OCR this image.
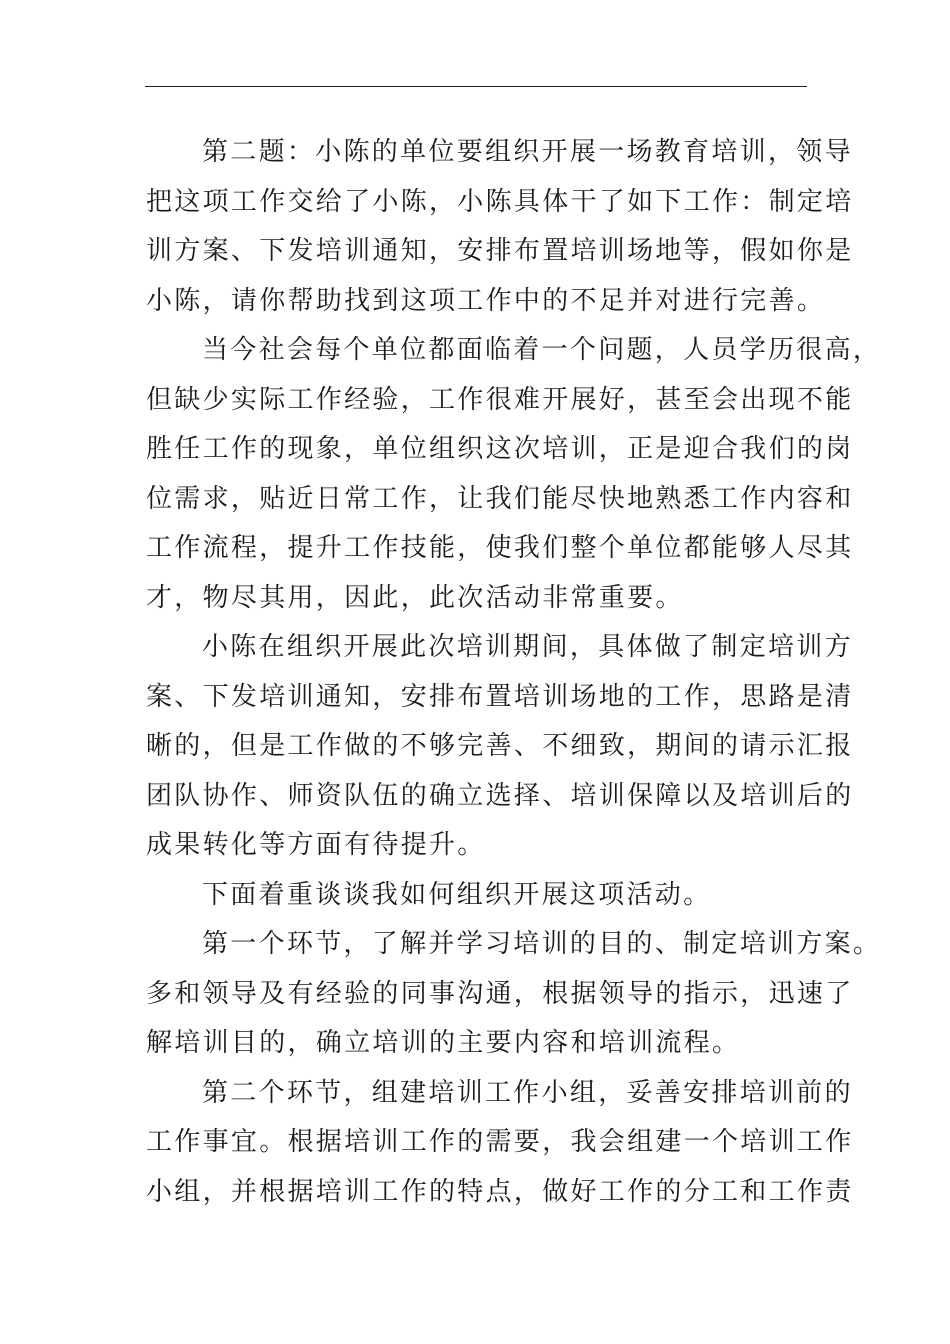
第二题：小陈的单位要组织开展一场教育培训，领导
把这项工作交给了小陈，小陈具体干了如下工作：制定培
训方案、下发培训通知，安排布置培训场地等，假如你是
小陈，请你帮助找到这项工作中的不足并对进行完善。
当今社会每个单位都面临着一个问题，人员学历很高，
但缺少实际工作经验，工作很难开展好，甚至会出现不能
胜任工作的现象，单位组织这次培训，正是迎合我们的岗
位需求，贴近日常工作，让我们能尽快地熟悉工作内容和
工作流程，提升工作技能，使我们整个单位都能够人尽其
才，物尽其用，因此，此次活动非常重要。
小陈在组织开展此次培训期间，具体做了制定培训方
案、下发培训通知，安排布置培训场地的工作，思路是清
晰的，但是工作做的不够完善、不细致，期间的请示汇报
团队协作、师资队伍的确立选择、培训保障以及培训后的
成果转化等方面有待提升。
下面着重谈谈我如何组织开展这项活动。
第一个环节，了解并学习培训的目的、制定培训方案。
多和领导及有经验的同事沟通，根据领导的指示，迅速了
解培训目的，确立培训的主要内容和培训流程。
第二个环节，组建培训工作小组，妥善安排培训前的
工作事宜。根据培训工作的需要，我会组建一个培训工作
小组，并根据培训工作的特点，做好工作的分工和工作责
